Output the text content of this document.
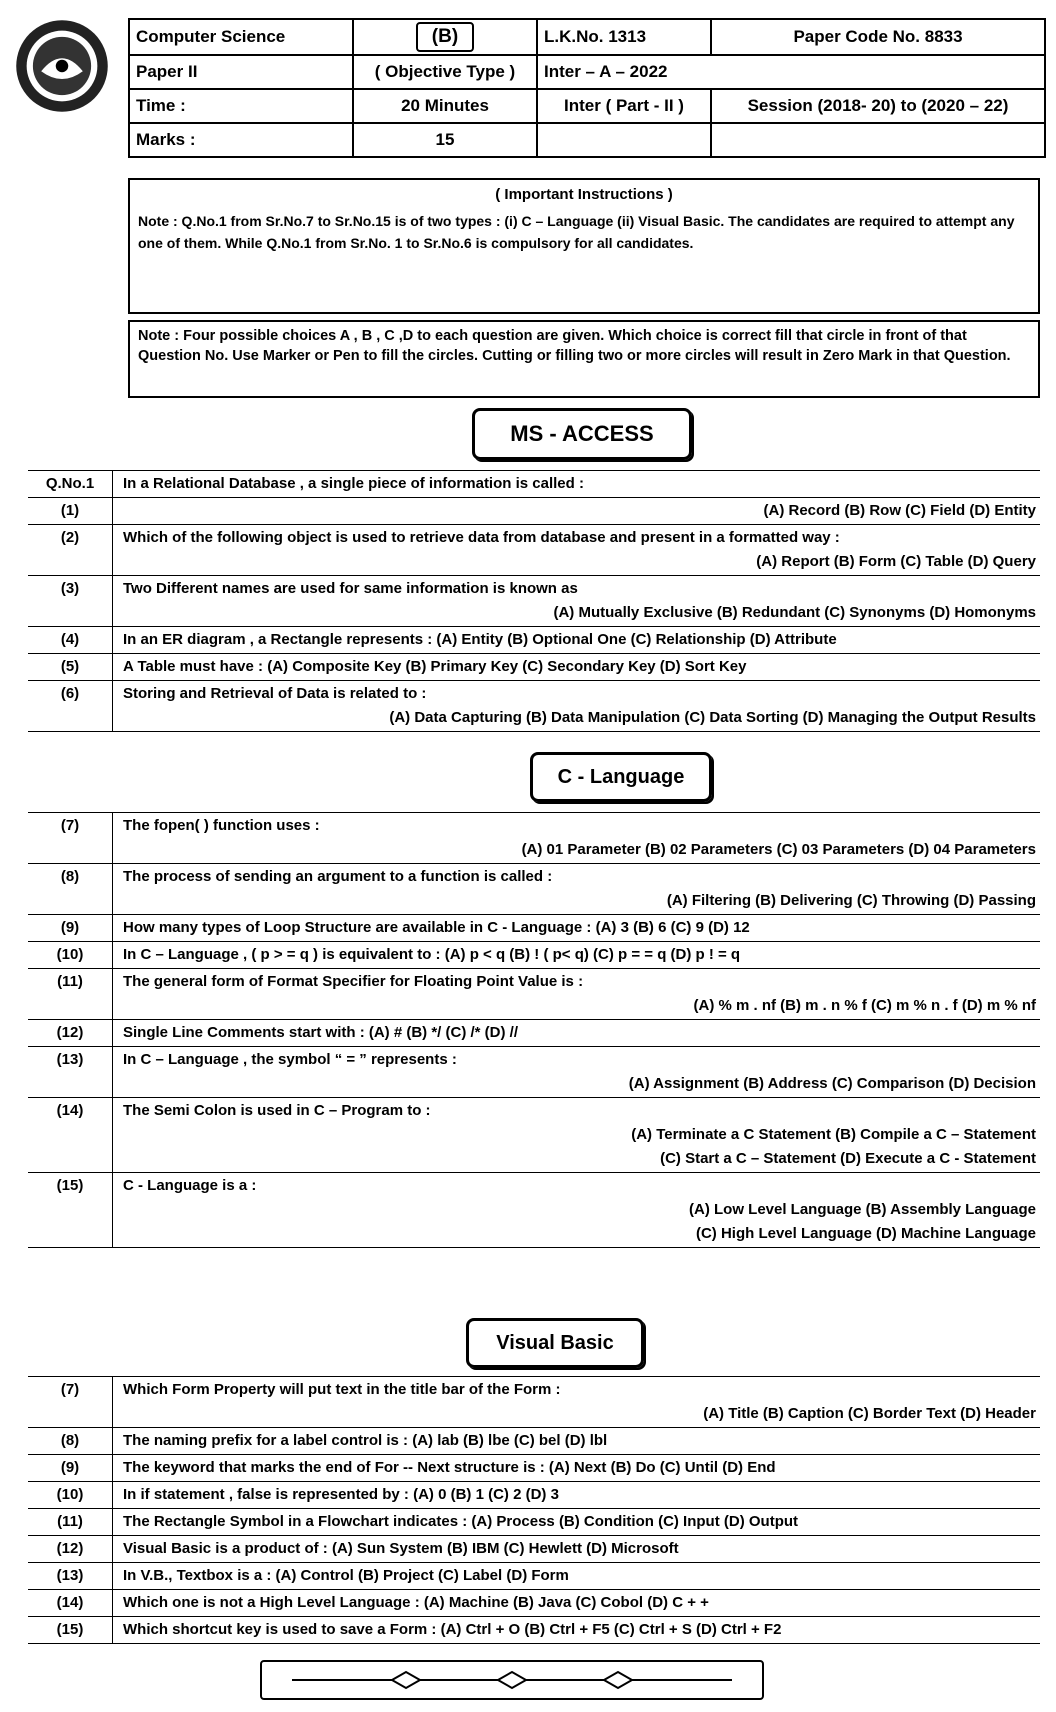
Computer Science	(B)	L.K.No. 1313	Paper Code No. 8833
Paper II	( Objective Type )	Inter – A – 2022	
Time :	20 Minutes	Inter ( Part - II )	Session (2018- 20) to (2020 – 22)
Marks :	15		
( Important Instructions )
Note : Q.No.1 from Sr.No.7 to Sr.No.15 is of two types : (i) C – Language (ii) Visual Basic. The candidates are required to attempt any one of them. While Q.No.1 from Sr.No. 1 to Sr.No.6 is compulsory for all candidates.
Note : Four possible choices A , B , C ,D to each question are given. Which choice is correct fill that circle in front of that Question No. Use Marker or Pen to fill the circles. Cutting or filling two or more circles will result in Zero Mark in that Question.
MS - ACCESS
Q.No.1	In a Relational Database , a single piece of information is called :

(1)	(A) Record (B) Row (C) Field (D) Entity

(2)	Which of the following object is used to retrieve data from database and present in a formatted way :
(A) Report (B) Form (C) Table (D) Query

(3)	Two Different names are used for same information is known as
(A) Mutually Exclusive (B) Redundant (C) Synonyms (D) Homonyms

(4)	In an ER diagram , a Rectangle represents : (A) Entity (B) Optional One (C) Relationship (D) Attribute

(5)	A Table must have : (A) Composite Key (B) Primary Key (C) Secondary Key (D) Sort Key

(6)	Storing and Retrieval of Data is related to :
(A) Data Capturing (B) Data Manipulation (C) Data Sorting (D) Managing the Output Results
C - Language
(7)	The fopen( ) function uses :
(A) 01 Parameter (B) 02 Parameters (C) 03 Parameters (D) 04 Parameters

(8)	The process of sending an argument to a function is called :
(A) Filtering (B) Delivering (C) Throwing (D) Passing

(9)	How many types of Loop Structure are available in C - Language : (A) 3 (B) 6 (C) 9 (D) 12

(10)	In C – Language , ( p > = q ) is equivalent to : (A) p < q (B) ! ( p< q) (C) p = = q (D) p ! = q

(11)	The general form of Format Specifier for Floating Point Value is :
(A) % m . nf (B) m . n % f (C) m % n . f (D) m % nf

(12)	Single Line Comments start with : (A) # (B) */ (C) /* (D) //

(13)	In C – Language , the symbol “ = ” represents :
(A) Assignment (B) Address (C) Comparison (D) Decision

(14)	The Semi Colon is used in C – Program to :
(A) Terminate a C Statement (B) Compile a C – Statement
(C) Start a C – Statement (D) Execute a C - Statement

(15)	C - Language is a :
(A) Low Level Language (B) Assembly Language
(C) High Level Language (D) Machine Language
Visual Basic
(7)	Which Form Property will put text in the title bar of the Form :
(A) Title (B) Caption (C) Border Text (D) Header

(8)	The naming prefix for a label control is : (A) lab (B) lbe (C) bel (D) lbl

(9)	The keyword that marks the end of For -- Next structure is : (A) Next (B) Do (C) Until (D) End

(10)	In if statement , false is represented by : (A) 0 (B) 1 (C) 2 (D) 3

(11)	The Rectangle Symbol in a Flowchart indicates : (A) Process (B) Condition (C) Input (D) Output

(12)	Visual Basic is a product of : (A) Sun System (B) IBM (C) Hewlett (D) Microsoft

(13)	In V.B., Textbox is a : (A) Control (B) Project (C) Label (D) Form

(14)	Which one is not a High Level Language : (A) Machine (B) Java (C) Cobol (D) C + +

(15)	Which shortcut key is used to save a Form : (A) Ctrl + O (B) Ctrl + F5 (C) Ctrl + S (D) Ctrl + F2
